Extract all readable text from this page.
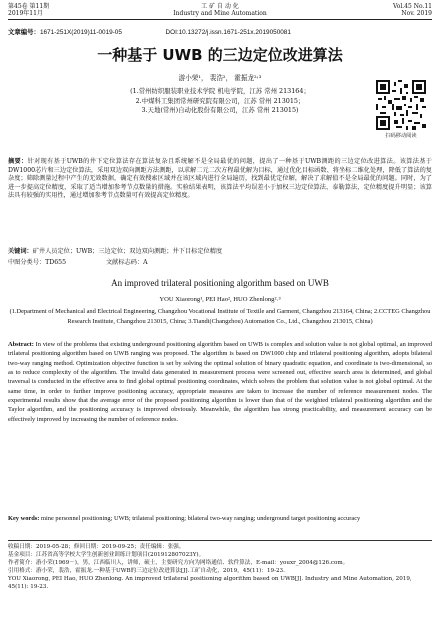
第45卷 第11期
2019年11月
工 矿 自 动 化
Industry and Mine Automation
Vol.45 No.11
Nov. 2019
文章编号：1671-251X(2019)11-0019-05	DOI:10.13272/j.issn.1671-251x.2019050081
一种基于 UWB 的三边定位改进算法
游小荣¹， 裴浩²， 霍振龙²˒³
(1.常州纺织服装职业技术学院 机电学院，江苏 常州 213164；
2.中煤科工集团常州研究院有限公司，江苏 常州 213015；
3.天地(常州)自动化股份有限公司，江苏 常州 213015)
扫码移动阅读
摘要：针对现有基于UWB的井下定位算法存在算法复杂且系统解不是全局最优的问题，提出了一种基于UWB测距的三边定位改进算法。该算法基于DW1000芯片和三边定位算法，采用双边双向测距方法测距，以求解二元二次方程最优解为目标，通过优化目标函数、将坐标二维化处理，降低了算法的复杂度；筛除测量过程中产生的无效数据，确定有效搜索区域并在该区域内进行全局遍历，找到最优定位解，解决了求解值不是全局最优的问题。同时，为了进一步提高定位精度，采取了适当增加参考节点数量的措施。实验结果表明，该算法平均误差小于加权三边定位算法、泰勒算法，定位精度提升明显；该算法具有较强的实用性，通过增加参考节点数量可有效提高定位精度。
关键词：矿井人员定位；UWB；三边定位；双边双向测距；井下目标定位精度
中图分类号：TD655	文献标志码：A
An improved trilateral positioning algorithm based on UWB
YOU Xiaorong¹, PEI Hao², HUO Zhenlong²˒³
(1.Department of Mechanical and Electrical Engineering, Changzhou Vocational Institute of Textile and Garment, Changzhou 213164, China; 2.CCTEG Changzhou Research Institute, Changzhou 213015, China; 3.Tiandi(Changzhou) Automation Co., Ltd., Changzhou 213015, China)
Abstract: In view of the problems that existing underground positioning algorithm based on UWB is complex and solution value is not global optimal, an improved trilateral positioning algorithm based on UWB ranging was proposed. The algorithm is based on DW1000 chip and trilateral positioning algorithm, adopts bilateral two-way ranging method. Optimization objective function is set by solving the optimal solution of binary quadratic equation, and coordinate is two-dimensional, so as to reduce complexity of the algorithm. The invalid data generated in measurement process were screened out, effective search area is determined, and global traversal is conducted in the effective area to find global optimal positioning coordinates, which solves the problem that solution value is not global optimal. At the same time, in order to further improve positioning accuracy, appropriate measures are taken to increase the number of reference measurement nodes. The experimental results show that the average error of the proposed positioning algorithm is lower than that of the weighted trilateral positioning algorithm and the Taylor algorithm, and the positioning accuracy is improved obviously. Meanwhile, the algorithm has strong practicability, and measurement accuracy can be effectively improved by increasing the number of reference nodes.
Key words: mine personnel positioning; UWB; trilateral positioning; bilateral two-way ranging; underground target positioning accuracy
收稿日期：2019-05-28；修回日期：2019-09-25；责任编辑：张强。
基金项目：江苏省高等学校大学生创新创业训练计划项目(201912807023Y)。
作者简介：游小荣(1969－)，男，江西临川人，讲师，硕士，主要研究方向为网络通信、软件算法，E-mail：youxr_2004@126.com。
引用格式：游小荣，裴浩，霍振龙.一种基于UWB的三边定位改进算法[J].工矿自动化，2019，45(11)：19-23.
YOU Xiaorong, PEI Hao, HUO Zhenlong. An improved trilateral positioning algorithm based on UWB[J]. Industry and Mine Automation, 2019, 45(11): 19-23.
